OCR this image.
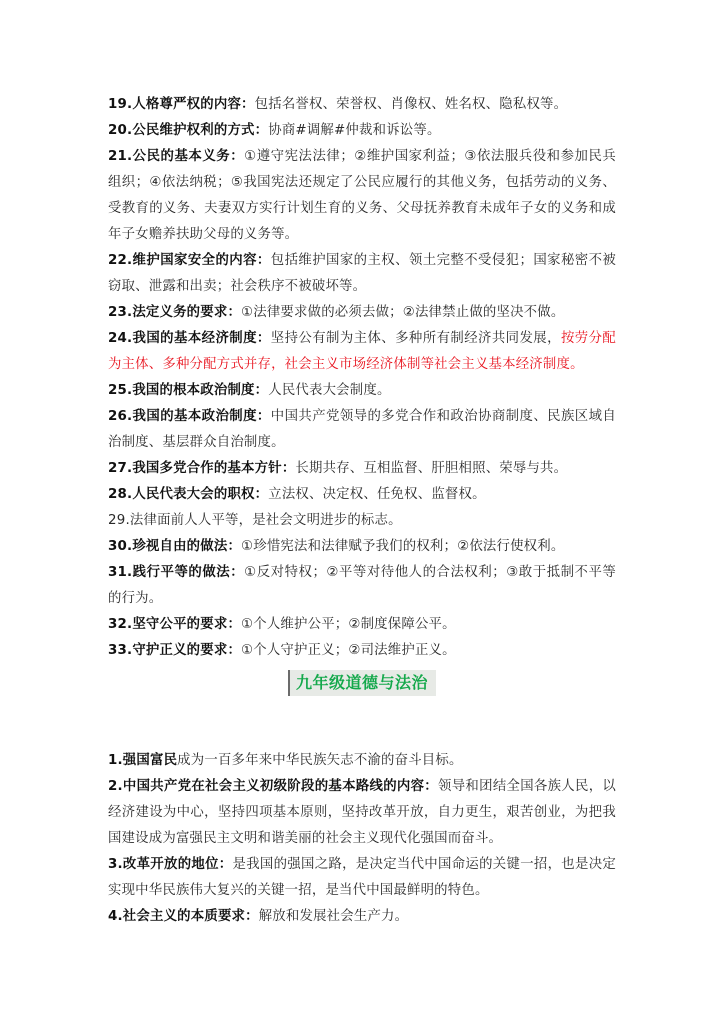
19.人格尊严权的内容：包括名誉权、荣誉权、肖像权、姓名权、隐私权等。

20.公民维护权利的方式：协商#调解#仲裁和诉讼等。

21.公民的基本义务：①遵守宪法法律；②维护国家利益；③依法服兵役和参加民兵组织；④依法纳税；⑤我国宪法还规定了公民应履行的其他义务，包括劳动的义务、受教育的义务、夫妻双方实行计划生育的义务、父母抚养教育未成年子女的义务和成年子女赡养扶助父母的义务等。

22.维护国家安全的内容：包括维护国家的主权、领土完整不受侵犯；国家秘密不被窃取、泄露和出卖；社会秩序不被破坏等。

23.法定义务的要求：①法律要求做的必须去做；②法律禁止做的坚决不做。

24.我国的基本经济制度：坚持公有制为主体、多种所有制经济共同发展，按劳分配为主体、多种分配方式并存，社会主义市场经济体制等社会主义基本经济制度。

25.我国的根本政治制度：人民代表大会制度。

26.我国的基本政治制度：中国共产党领导的多党合作和政治协商制度、民族区域自治制度、基层群众自治制度。

27.我国多党合作的基本方针：长期共存、互相监督、肝胆相照、荣辱与共。

28.人民代表大会的职权：立法权、决定权、任免权、监督权。

29.法律面前人人平等，是社会文明进步的标志。

30.珍视自由的做法：①珍惜宪法和法律赋予我们的权利；②依法行使权利。

31.践行平等的做法：①反对特权；②平等对待他人的合法权利；③敢于抵制不平等的行为。

32.坚守公平的要求：①个人维护公平；②制度保障公平。

33.守护正义的要求：①个人守护正义；②司法维护正义。

九年级道德与法治

1.强国富民成为一百多年来中华民族矢志不渝的奋斗目标。

2.中国共产党在社会主义初级阶段的基本路线的内容：领导和团结全国各族人民，以经济建设为中心，坚持四项基本原则，坚持改革开放，自力更生，艰苦创业，为把我国建设成为富强民主文明和谐美丽的社会主义现代化强国而奋斗。

3.改革开放的地位：是我国的强国之路，是决定当代中国命运的关键一招，也是决定实现中华民族伟大复兴的关键一招，是当代中国最鲜明的特色。

4.社会主义的本质要求：解放和发展社会生产力。
